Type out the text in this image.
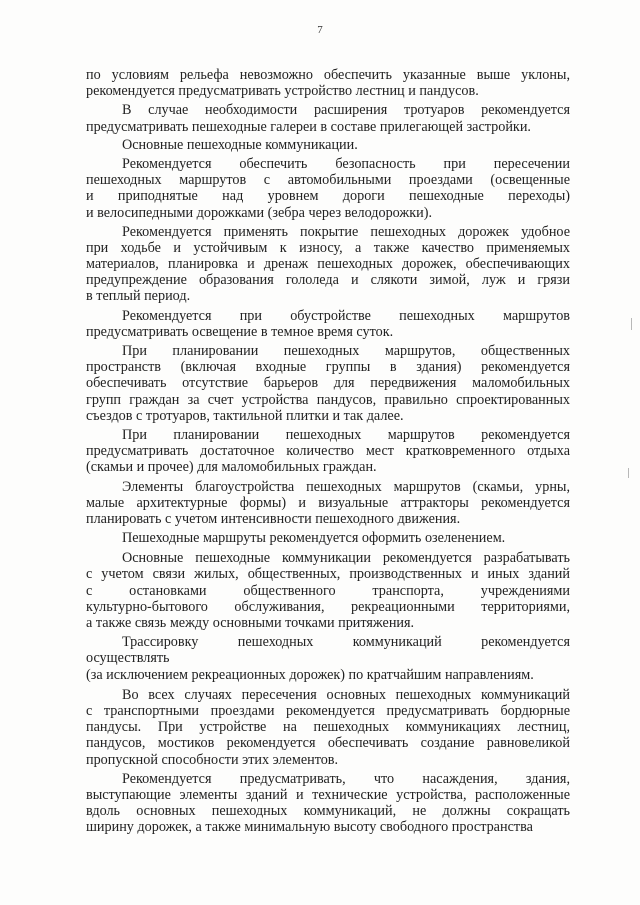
7
по условиям рельефа невозможно обеспечить указанные выше уклоны,
рекомендуется предусматривать устройство лестниц и пандусов.
В случае необходимости расширения тротуаров рекомендуется
предусматривать пешеходные галереи в составе прилегающей застройки.
Основные пешеходные коммуникации.
Рекомендуется обеспечить безопасность при пересечении
пешеходных маршрутов с автомобильными проездами (освещенные
и приподнятые над уровнем дороги пешеходные переходы)
и велосипедными дорожками (зебра через велодорожки).
Рекомендуется применять покрытие пешеходных дорожек удобное
при ходьбе и устойчивым к износу, а также качество применяемых
материалов, планировка и дренаж пешеходных дорожек, обеспечивающих
предупреждение образования гололеда и слякоти зимой, луж и грязи
в теплый период.
Рекомендуется при обустройстве пешеходных маршрутов
предусматривать освещение в темное время суток.
При планировании пешеходных маршрутов, общественных
пространств (включая входные группы в здания) рекомендуется
обеспечивать отсутствие барьеров для передвижения маломобильных
групп граждан за счет устройства пандусов, правильно спроектированных
съездов с тротуаров, тактильной плитки и так далее.
При планировании пешеходных маршрутов рекомендуется
предусматривать достаточное количество мест кратковременного отдыха
(скамьи и прочее) для маломобильных граждан.
Элементы благоустройства пешеходных маршрутов (скамьи, урны,
малые архитектурные формы) и визуальные аттракторы рекомендуется
планировать с учетом интенсивности пешеходного движения.
Пешеходные маршруты рекомендуется оформить озеленением.
Основные пешеходные коммуникации рекомендуется разрабатывать
с учетом связи жилых, общественных, производственных и иных зданий
с остановками общественного транспорта, учреждениями
культурно-бытового обслуживания, рекреационными территориями,
а также связь между основными точками притяжения.
Трассировку пешеходных коммуникаций рекомендуется
осуществлять
(за исключением рекреационных дорожек) по кратчайшим направлениям.
Во всех случаях пересечения основных пешеходных коммуникаций
с транспортными проездами рекомендуется предусматривать бордюрные
пандусы. При устройстве на пешеходных коммуникациях лестниц,
пандусов, мостиков рекомендуется обеспечивать создание равновеликой
пропускной способности этих элементов.
Рекомендуется предусматривать, что насаждения, здания,
выступающие элементы зданий и технические устройства, расположенные
вдоль основных пешеходных коммуникаций, не должны сокращать
ширину дорожек, а также минимальную высоту свободного пространства
